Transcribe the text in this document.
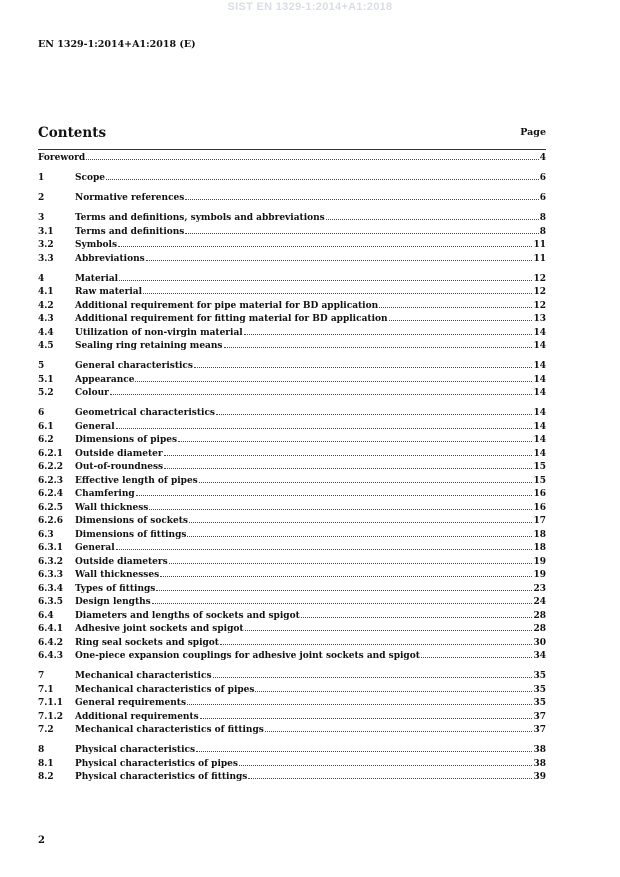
SIST EN 1329-1:2014+A1:2018
EN 1329-1:2014+A1:2018 (E)
Contents	Page
Foreword	4
1	Scope	6
2	Normative references	6
3	Terms and definitions, symbols and abbreviations	8
3.1	Terms and definitions	8
3.2	Symbols	11
3.3	Abbreviations	11
4	Material	12
4.1	Raw material	12
4.2	Additional requirement for pipe material for BD application	12
4.3	Additional requirement for fitting material for BD application	13
4.4	Utilization of non-virgin material	14
4.5	Sealing ring retaining means	14
5	General characteristics	14
5.1	Appearance	14
5.2	Colour	14
6	Geometrical characteristics	14
6.1	General	14
6.2	Dimensions of pipes	14
6.2.1	Outside diameter	14
6.2.2	Out-of-roundness	15
6.2.3	Effective length of pipes	15
6.2.4	Chamfering	16
6.2.5	Wall thickness	16
6.2.6	Dimensions of sockets	17
6.3	Dimensions of fittings	18
6.3.1	General	18
6.3.2	Outside diameters	19
6.3.3	Wall thicknesses	19
6.3.4	Types of fittings	23
6.3.5	Design lengths	24
6.4	Diameters and lengths of sockets and spigot	28
6.4.1	Adhesive joint sockets and spigot	28
6.4.2	Ring seal sockets and spigot	30
6.4.3	One-piece expansion couplings for adhesive joint sockets and spigot	34
7	Mechanical characteristics	35
7.1	Mechanical characteristics of pipes	35
7.1.1	General requirements	35
7.1.2	Additional requirements	37
7.2	Mechanical characteristics of fittings	37
8	Physical characteristics	38
8.1	Physical characteristics of pipes	38
8.2	Physical characteristics of fittings	39
2
